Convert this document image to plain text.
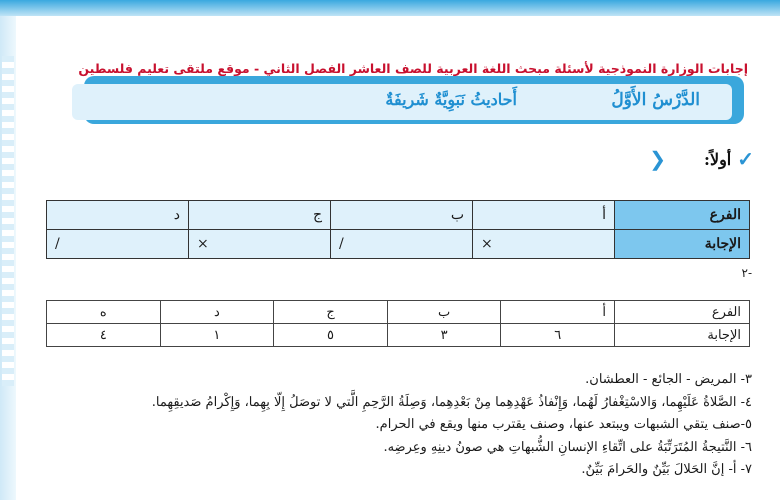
إجابات الوزارة النموذجية لأسئلة مبحث اللغة العربية للصف العاشر الفصل الثاني - موقع ملتقى تعليم فلسطين
الدَّرْسُ الأَوَّلُ
أَحاديثُ نَبَوِيَّةٌ شَريفَةٌ
✓
أولاً:
❯
الفرع	أ	ب	ج	د
الإجابة	×	/	×	/
-٢
الفرع	أ	ب	ج	د	ه
الإجابة	٦	٣	٥	١	٤
٣- المريض - الجائع - العطشان.
٤- الصَّلاةُ عَلَيْهِما، وَالاسْتِغْفارُ لَهُما، وَإِنْفاذُ عَهْدِهِما مِنْ بَعْدِهِما، وَصِلَةُ الرَّحِمِ الَّتي لا توصَلُ إِلّا بِهِما، وَإِكْرامُ صَديقِهِما.
٥-صنف يتقي الشبهات ويبتعد عنها، وصنف يقترب منها ويقع في الحرام.
٦- النَّتيجةُ المُتَرَتِّبَةُ على اتِّقاءِ الإنسانِ الشُّبهاتِ هي صونُ دينِهِ وعِرضِه.
٧- أ- إنَّ الحَلالَ بَيِّنٌ والحَرامَ بَيِّنٌ.
